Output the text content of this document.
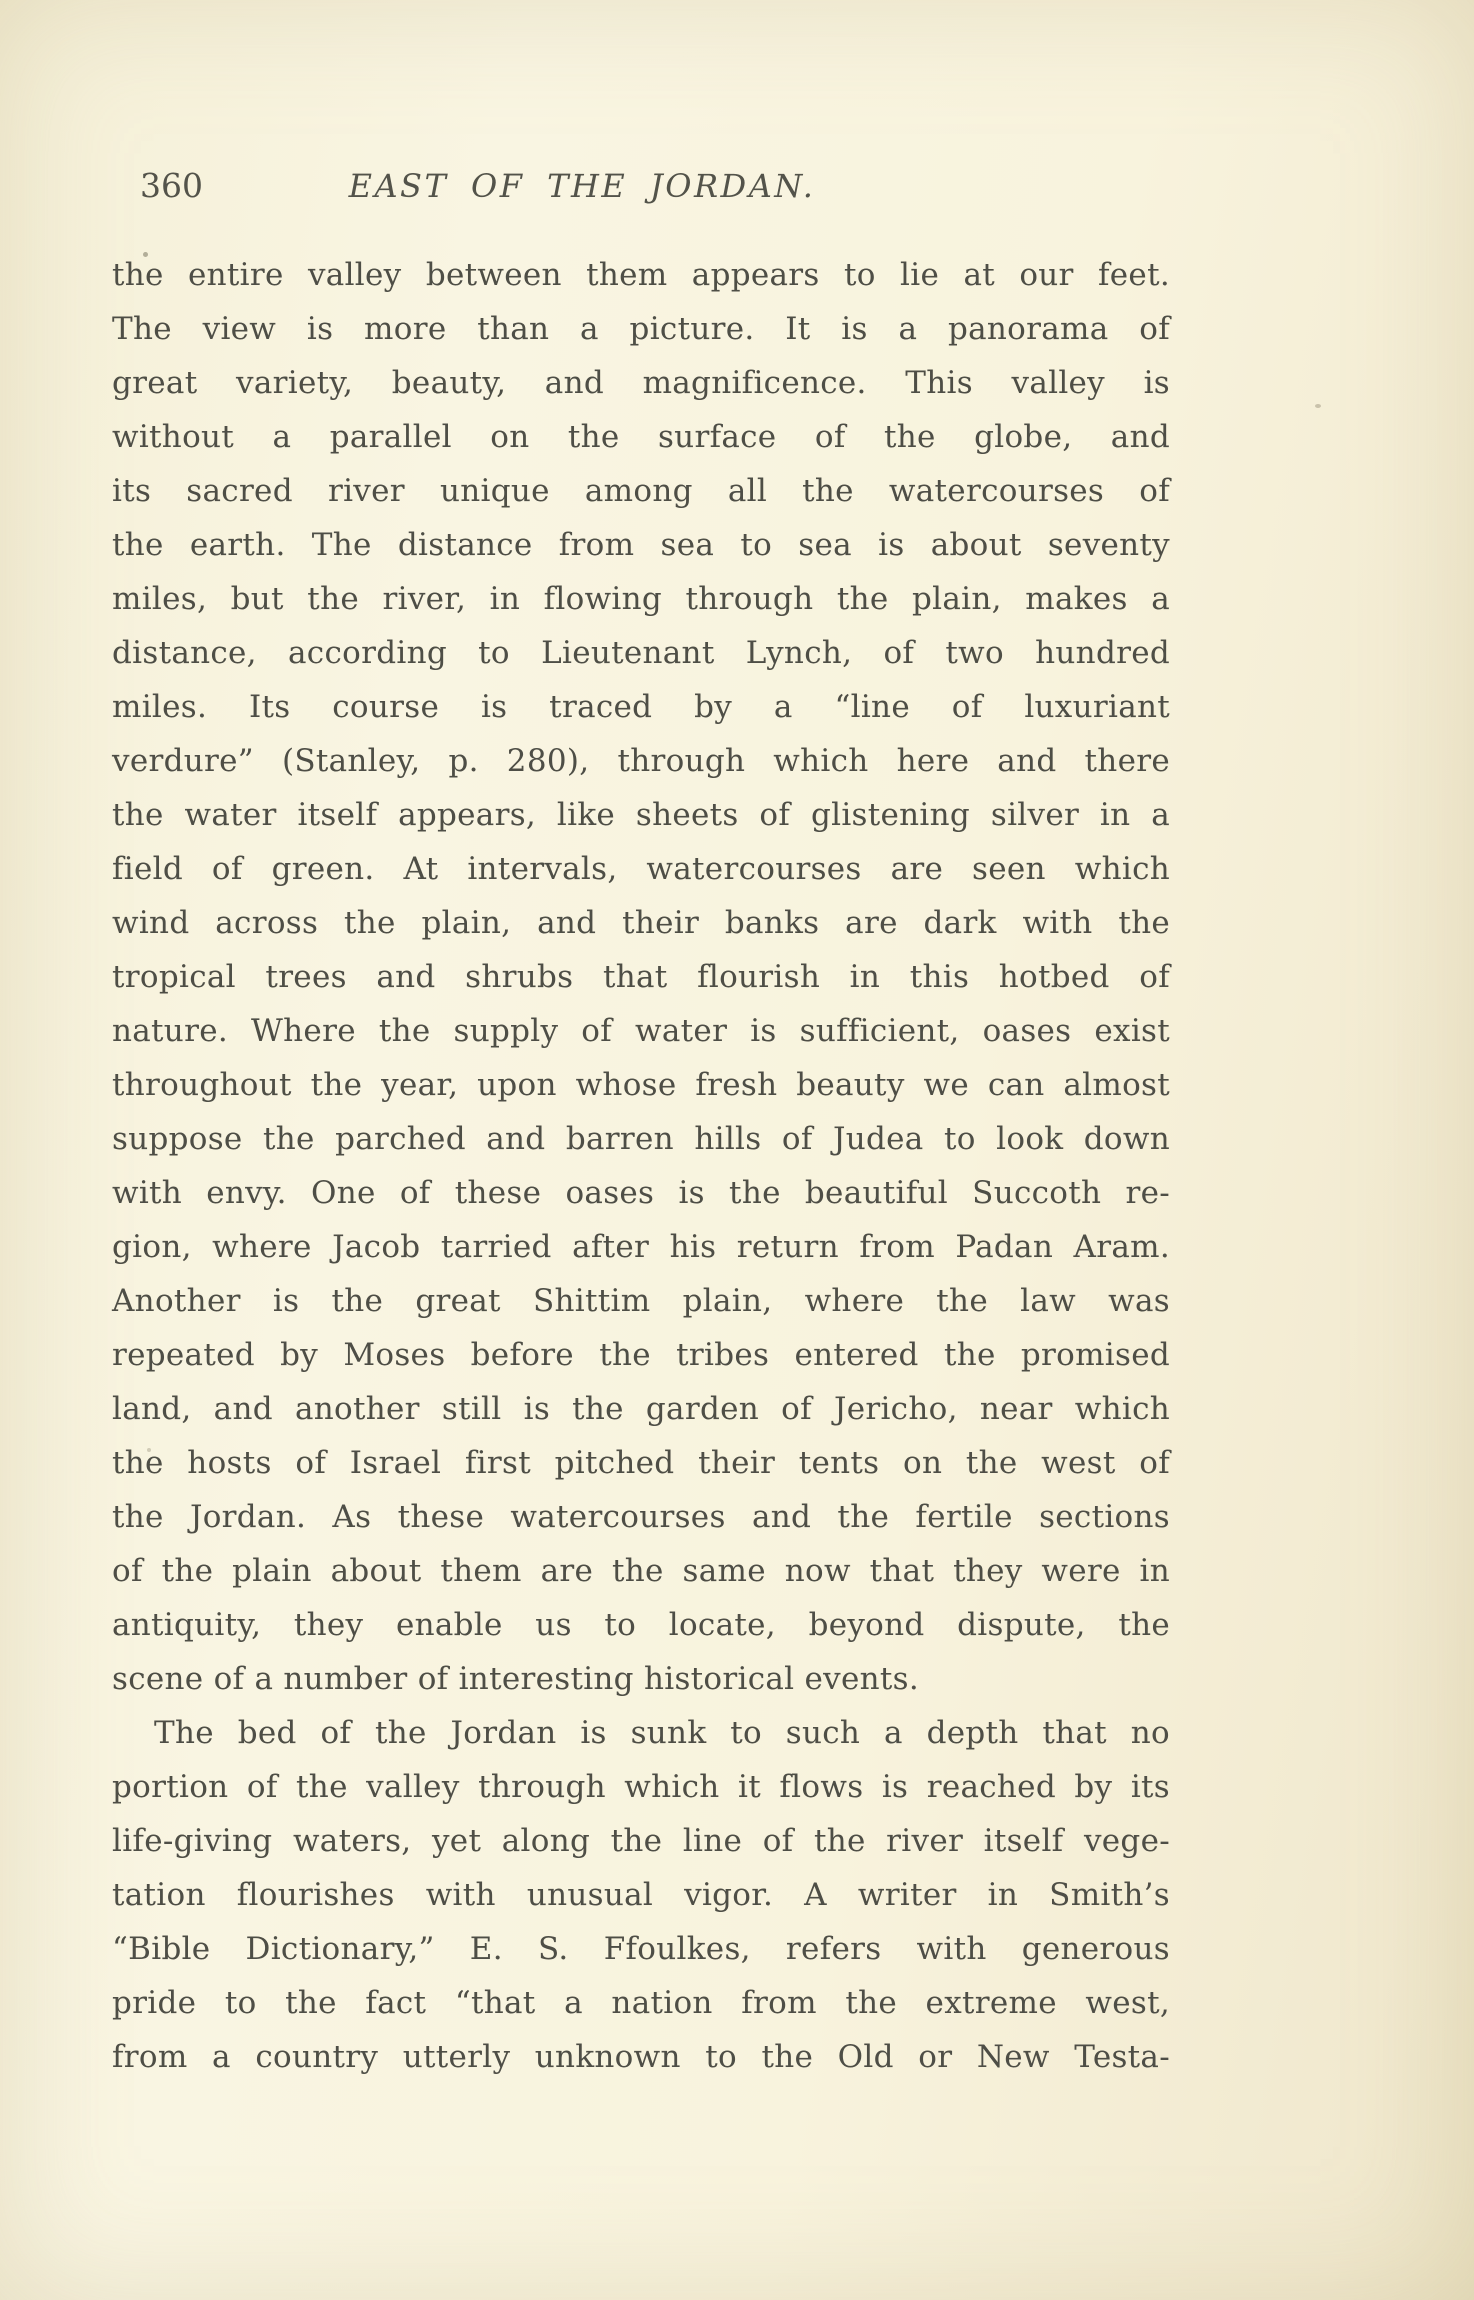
360	EAST OF THE JORDAN.
the entire valley between them appears to lie at our feet.
The view is more than a picture. It is a panorama of
great variety, beauty, and magnificence. This valley is
without a parallel on the surface of the globe, and
its sacred river unique among all the watercourses of
the earth. The distance from sea to sea is about seventy
miles, but the river, in flowing through the plain, makes a
distance, according to Lieutenant Lynch, of two hundred
miles. Its course is traced by a “line of luxuriant
verdure” (Stanley, p. 280), through which here and there
the water itself appears, like sheets of glistening silver in a
field of green. At intervals, watercourses are seen which
wind across the plain, and their banks are dark with the
tropical trees and shrubs that flourish in this hotbed of
nature. Where the supply of water is sufficient, oases exist
throughout the year, upon whose fresh beauty we can almost
suppose the parched and barren hills of Judea to look down
with envy. One of these oases is the beautiful Succoth re-
gion, where Jacob tarried after his return from Padan Aram.
Another is the great Shittim plain, where the law was
repeated by Moses before the tribes entered the promised
land, and another still is the garden of Jericho, near which
the hosts of Israel first pitched their tents on the west of
the Jordan. As these watercourses and the fertile sections
of the plain about them are the same now that they were in
antiquity, they enable us to locate, beyond dispute, the
scene of a number of interesting historical events.
The bed of the Jordan is sunk to such a depth that no
portion of the valley through which it flows is reached by its
life-giving waters, yet along the line of the river itself vege-
tation flourishes with unusual vigor. A writer in Smith’s
“Bible Dictionary,” E. S. Ffoulkes, refers with generous
pride to the fact “that a nation from the extreme west,
from a country utterly unknown to the Old or New Testa-
